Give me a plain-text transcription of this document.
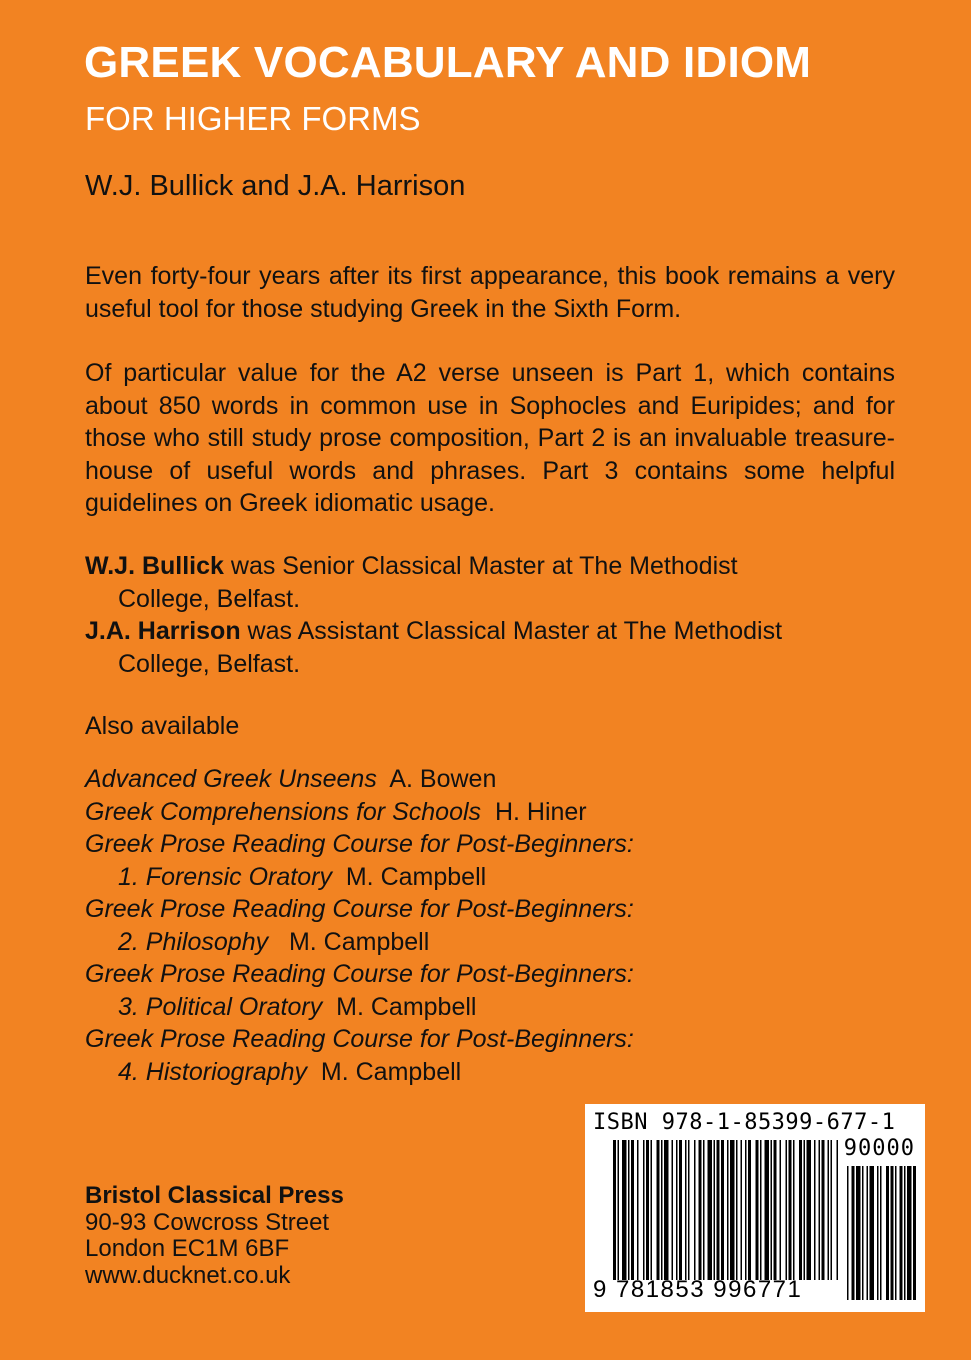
GREEK VOCABULARY AND IDIOM
FOR HIGHER FORMS
W.J. Bullick and J.A. Harrison

Even forty-four years after its first appearance, this book remains a very useful tool for those studying Greek in the Sixth Form.

Of particular value for the A2 verse unseen is Part 1, which contains about 850 words in common use in Sophocles and Euripides; and for those who still study prose composition, Part 2 is an invaluable treasure-house of useful words and phrases. Part 3 contains some helpful guidelines on Greek idiomatic usage.

W.J. Bullick was Senior Classical Master at The Methodist
College, Belfast.

J.A. Harrison was Assistant Classical Master at The Methodist
College, Belfast.

Also available
Advanced Greek Unseens A. Bowen
Greek Comprehensions for Schools H. Hiner
Greek Prose Reading Course for Post-Beginners:
1. Forensic Oratory M. Campbell
Greek Prose Reading Course for Post-Beginners:
2. Philosophy M. Campbell
Greek Prose Reading Course for Post-Beginners:
3. Political Oratory M. Campbell
Greek Prose Reading Course for Post-Beginners:
4. Historiography M. Campbell
Bristol Classical Press
90-93 Cowcross Street
London EC1M 6BF
www.ducknet.co.uk
ISBN 978-1-85399-677-1
90000
9 781853 996771
